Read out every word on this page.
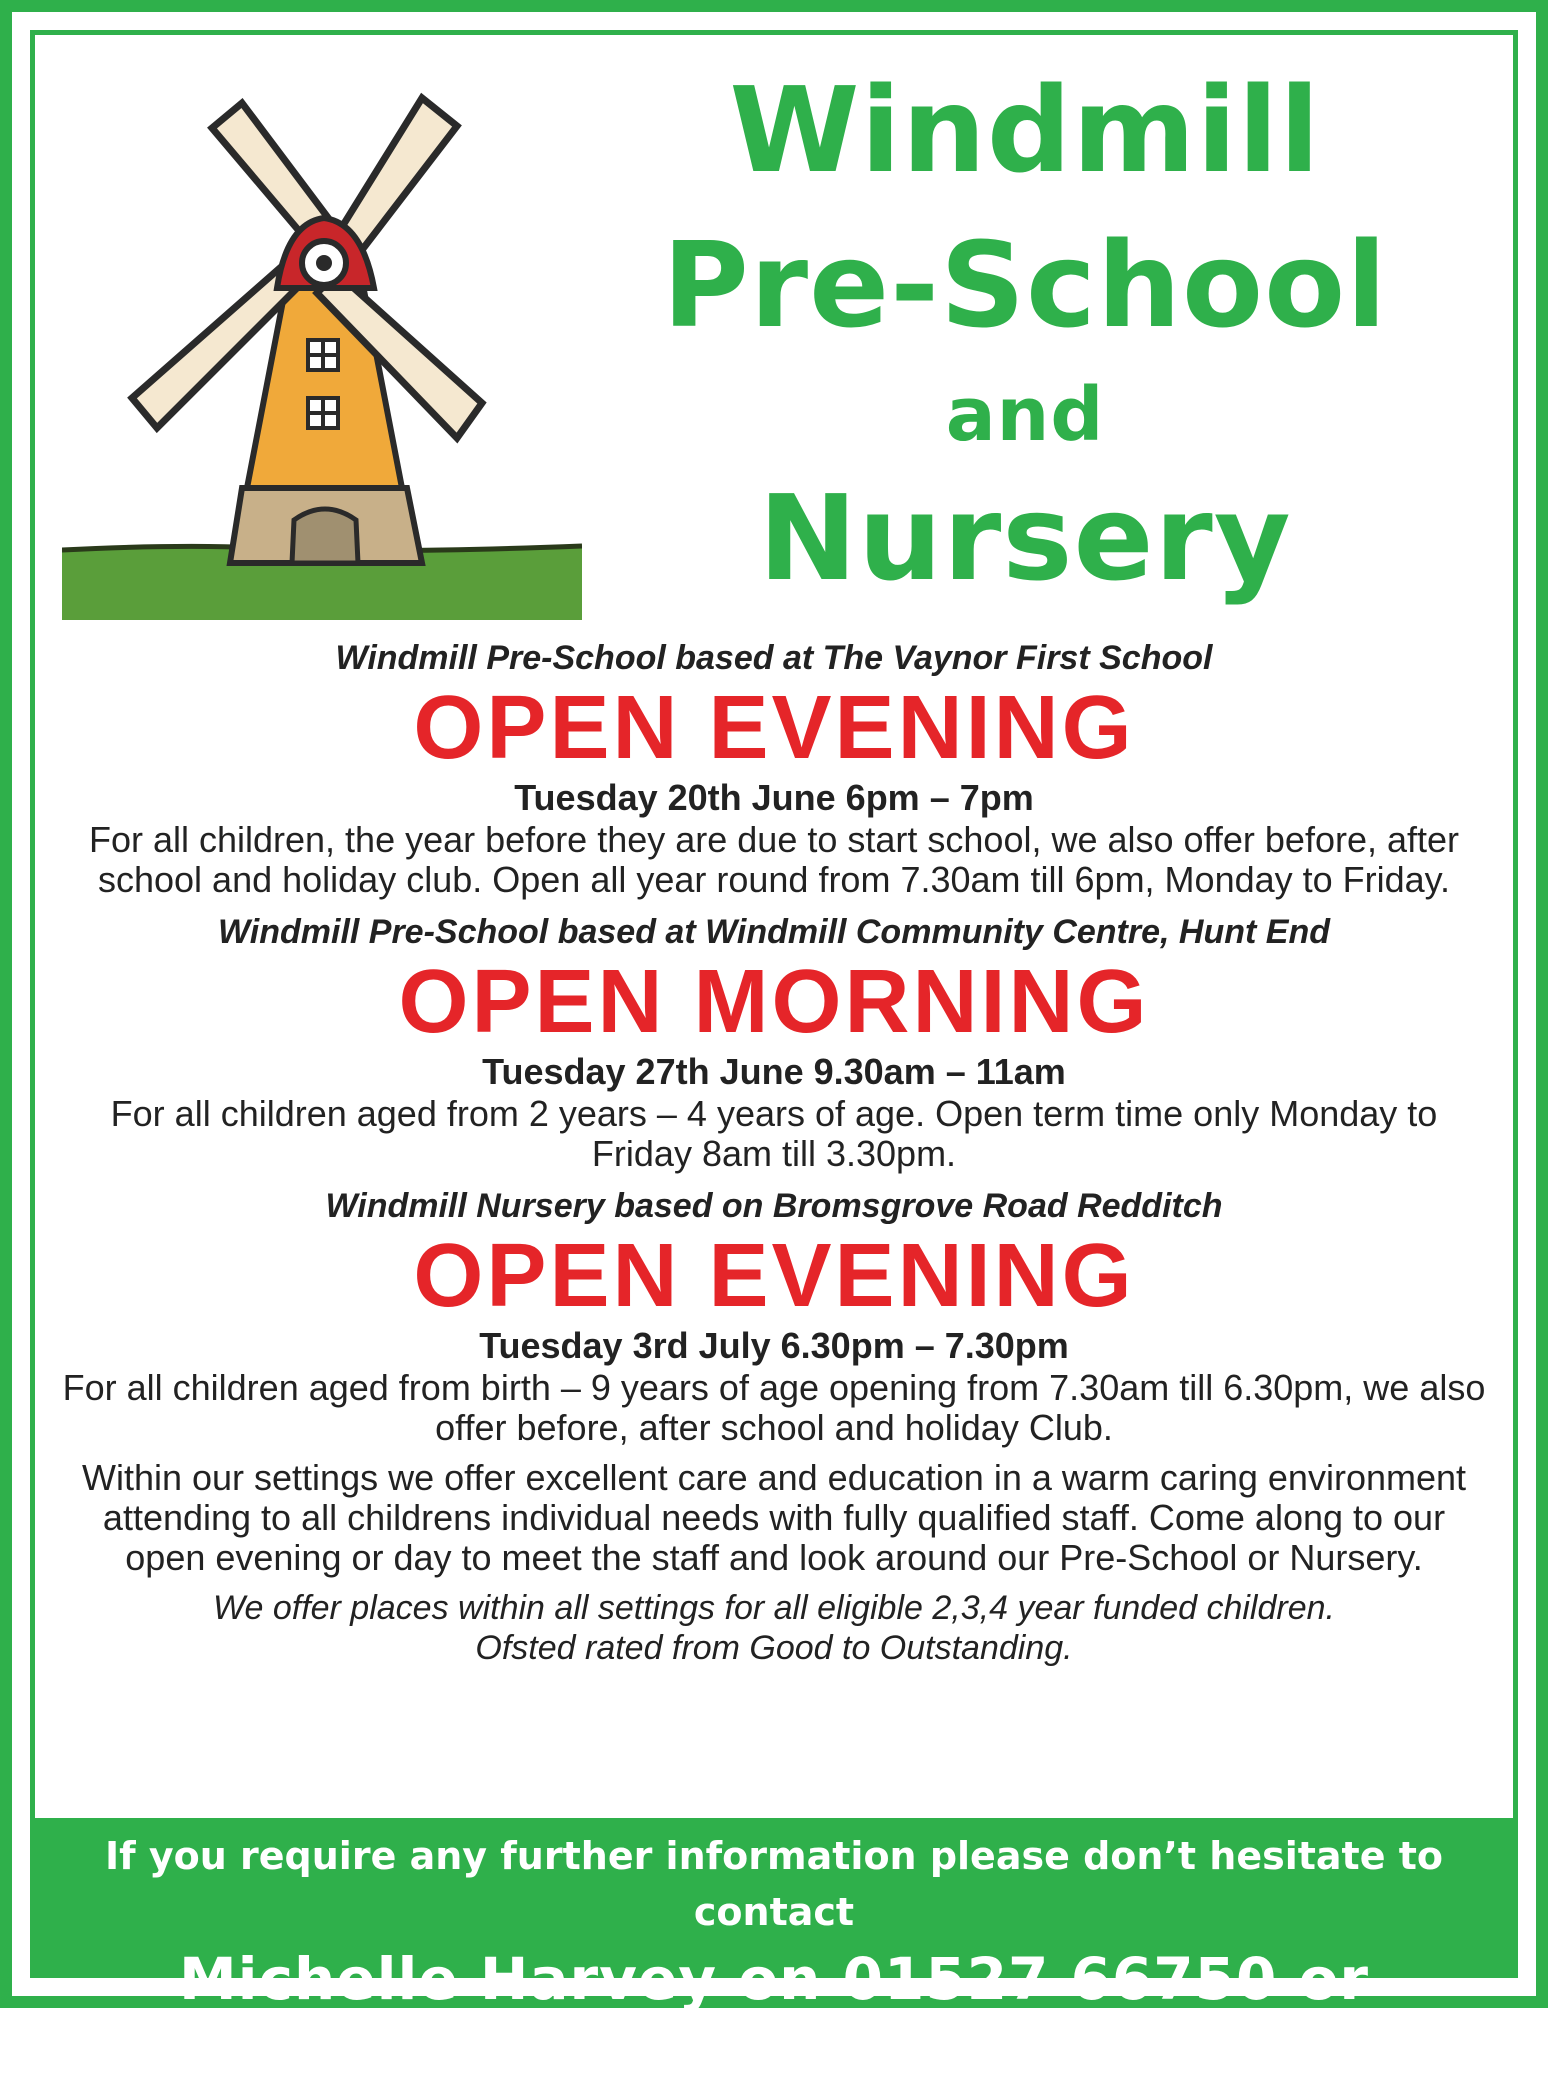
Windmill
Pre-School
and
Nursery

Windmill Pre-School based at The Vaynor First School

OPEN EVENING

Tuesday 20th June 6pm – 7pm

For all children, the year before they are due to start school, we also offer before, after school and holiday club. Open all year round from 7.30am till 6pm, Monday to Friday.

Windmill Pre-School based at Windmill Community Centre, Hunt End

OPEN MORNING

Tuesday 27th June 9.30am – 11am

For all children aged from 2 years – 4 years of age. Open term time only Monday to Friday 8am till 3.30pm.

Windmill Nursery based on Bromsgrove Road Redditch

OPEN EVENING

Tuesday 3rd July 6.30pm – 7.30pm

For all children aged from birth – 9 years of age opening from 7.30am till 6.30pm, we also offer before, after school and holiday Club.

Within our settings we offer excellent care and education in a warm caring environment attending to all childrens individual needs with fully qualified staff. Come along to our open evening or day to meet the staff and look around our Pre-School or Nursery.

We offer places within all settings for all eligible 2,3,4 year funded children.

Ofsted rated from Good to Outstanding.

If you require any further information please don’t hesitate to contact

Michelle Harvey on 01527 66750 or 07759350156
